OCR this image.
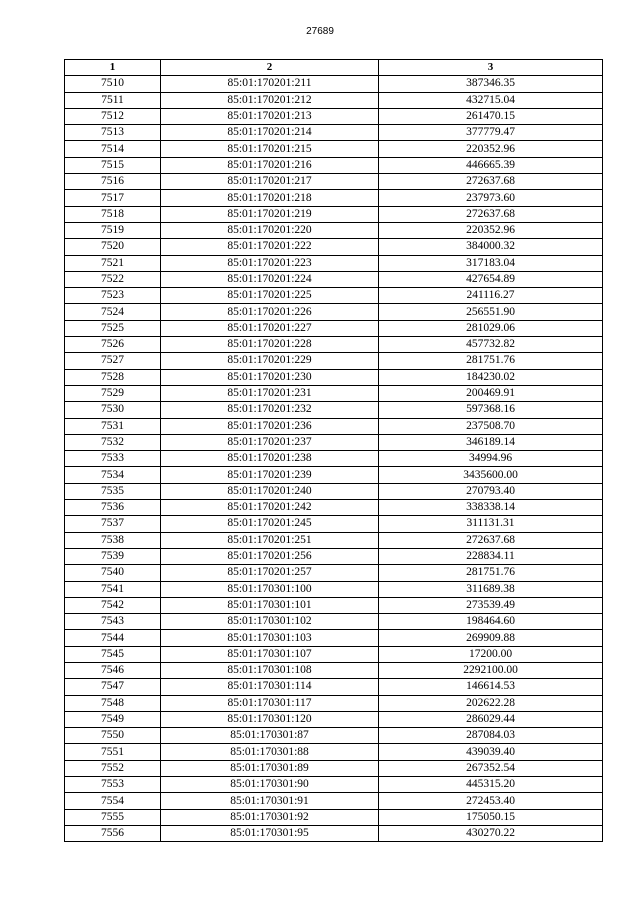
27689
1	2	3
7510	85:01:170201:211	387346.35
7511	85:01:170201:212	432715.04
7512	85:01:170201:213	261470.15
7513	85:01:170201:214	377779.47
7514	85:01:170201:215	220352.96
7515	85:01:170201:216	446665.39
7516	85:01:170201:217	272637.68
7517	85:01:170201:218	237973.60
7518	85:01:170201:219	272637.68
7519	85:01:170201:220	220352.96
7520	85:01:170201:222	384000.32
7521	85:01:170201:223	317183.04
7522	85:01:170201:224	427654.89
7523	85:01:170201:225	241116.27
7524	85:01:170201:226	256551.90
7525	85:01:170201:227	281029.06
7526	85:01:170201:228	457732.82
7527	85:01:170201:229	281751.76
7528	85:01:170201:230	184230.02
7529	85:01:170201:231	200469.91
7530	85:01:170201:232	597368.16
7531	85:01:170201:236	237508.70
7532	85:01:170201:237	346189.14
7533	85:01:170201:238	34994.96
7534	85:01:170201:239	3435600.00
7535	85:01:170201:240	270793.40
7536	85:01:170201:242	338338.14
7537	85:01:170201:245	311131.31
7538	85:01:170201:251	272637.68
7539	85:01:170201:256	228834.11
7540	85:01:170201:257	281751.76
7541	85:01:170301:100	311689.38
7542	85:01:170301:101	273539.49
7543	85:01:170301:102	198464.60
7544	85:01:170301:103	269909.88
7545	85:01:170301:107	17200.00
7546	85:01:170301:108	2292100.00
7547	85:01:170301:114	146614.53
7548	85:01:170301:117	202622.28
7549	85:01:170301:120	286029.44
7550	85:01:170301:87	287084.03
7551	85:01:170301:88	439039.40
7552	85:01:170301:89	267352.54
7553	85:01:170301:90	445315.20
7554	85:01:170301:91	272453.40
7555	85:01:170301:92	175050.15
7556	85:01:170301:95	430270.22
